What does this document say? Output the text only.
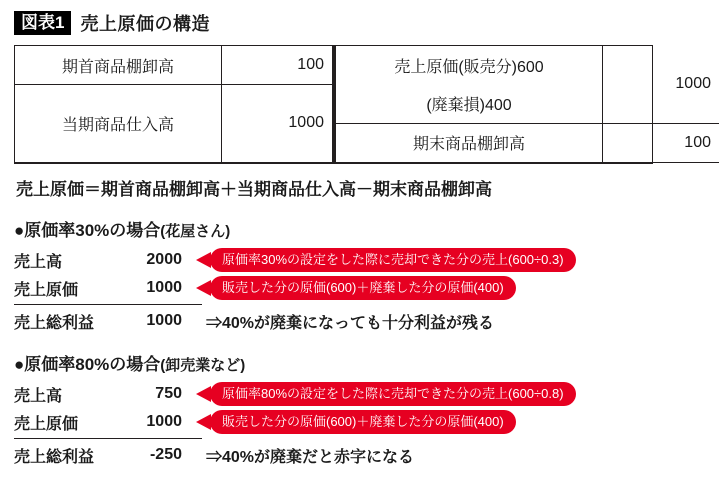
図表1 売上原価の構造
期首商品棚卸高	100	売上原価(販売分)600	1000
当期商品仕入高	1000	(廃棄損)400	
		期末商品棚卸高	100
売上原価＝期首商品棚卸高＋当期商品仕入高－期末商品棚卸高
●原価率30%の場合(花屋さん)
売上高	2000	原価率30%の設定をした際に売却できた分の売上(600÷0.3)
売上原価	1000	販売した分の原価(600)＋廃棄した分の原価(400)
売上総利益	1000	⇒40%が廃棄になっても十分利益が残る
●原価率80%の場合(卸売業など)
売上高	750	原価率80%の設定をした際に売却できた分の売上(600÷0.8)
売上原価	1000	販売した分の原価(600)＋廃棄した分の原価(400)
売上総利益	-250	⇒40%が廃棄だと赤字になる
